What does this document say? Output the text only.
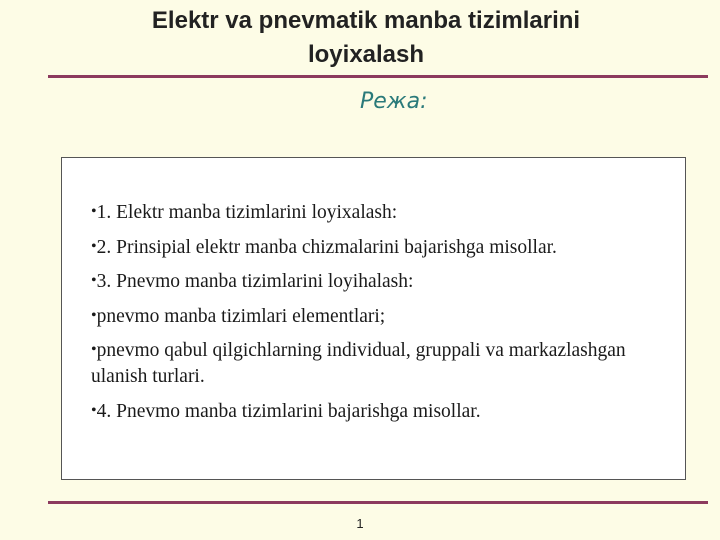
Elektr va pnevmatik manba tizimlarini
loyixalash
Режа:
•1. Elektr manba tizimlarini loyixalash:
•2. Prinsipial elektr manba chizmalarini bajarishga misollar.
•3. Pnevmo manba tizimlarini loyihalash:
•pnevmo manba tizimlari elementlari;
•pnevmo qabul qilgichlarning individual, gruppali va markazlashgan ulanish turlari.
•4. Pnevmo manba tizimlarini bajarishga misollar.
1
